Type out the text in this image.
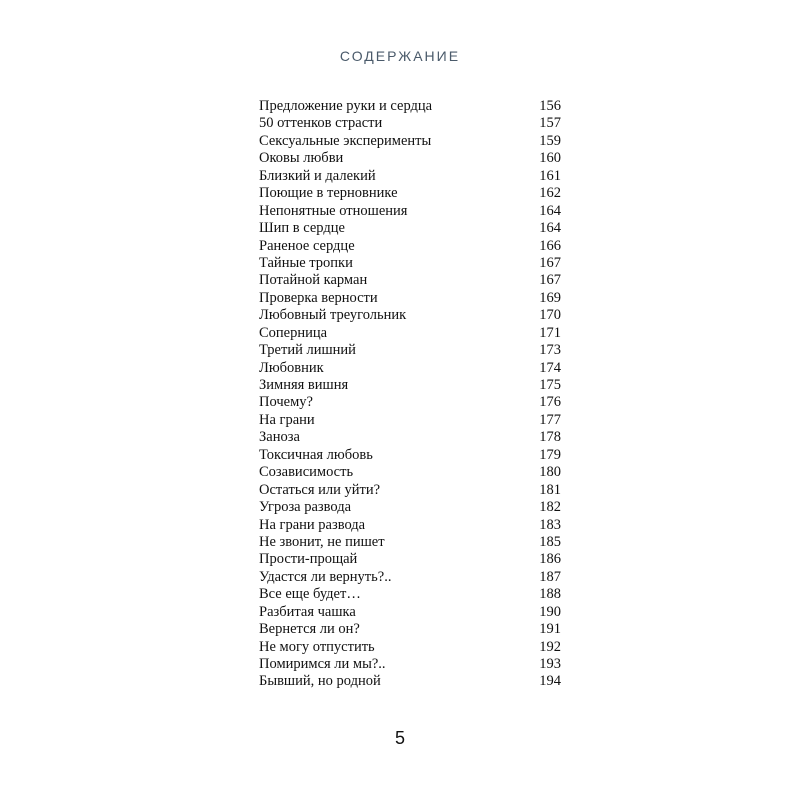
СОДЕРЖАНИЕ
Предложение руки и сердца	156
50 оттенков страсти	157
Сексуальные эксперименты	159
Оковы любви	160
Близкий и далекий	161
Поющие в терновнике	162
Непонятные отношения	164
Шип в сердце	164
Раненое сердце	166
Тайные тропки	167
Потайной карман	167
Проверка верности	169
Любовный треугольник	170
Соперница	171
Третий лишний	173
Любовник	174
Зимняя вишня	175
Почему?	176
На грани	177
Заноза	178
Токсичная любовь	179
Созависимость	180
Остаться или уйти?	181
Угроза развода	182
На грани развода	183
Не звонит, не пишет	185
Прости-прощай	186
Удастся ли вернуть?..	187
Все еще будет…	188
Разбитая чашка	190
Вернется ли он?	191
Не могу отпустить	192
Помиримся ли мы?..	193
Бывший, но родной	194
5
